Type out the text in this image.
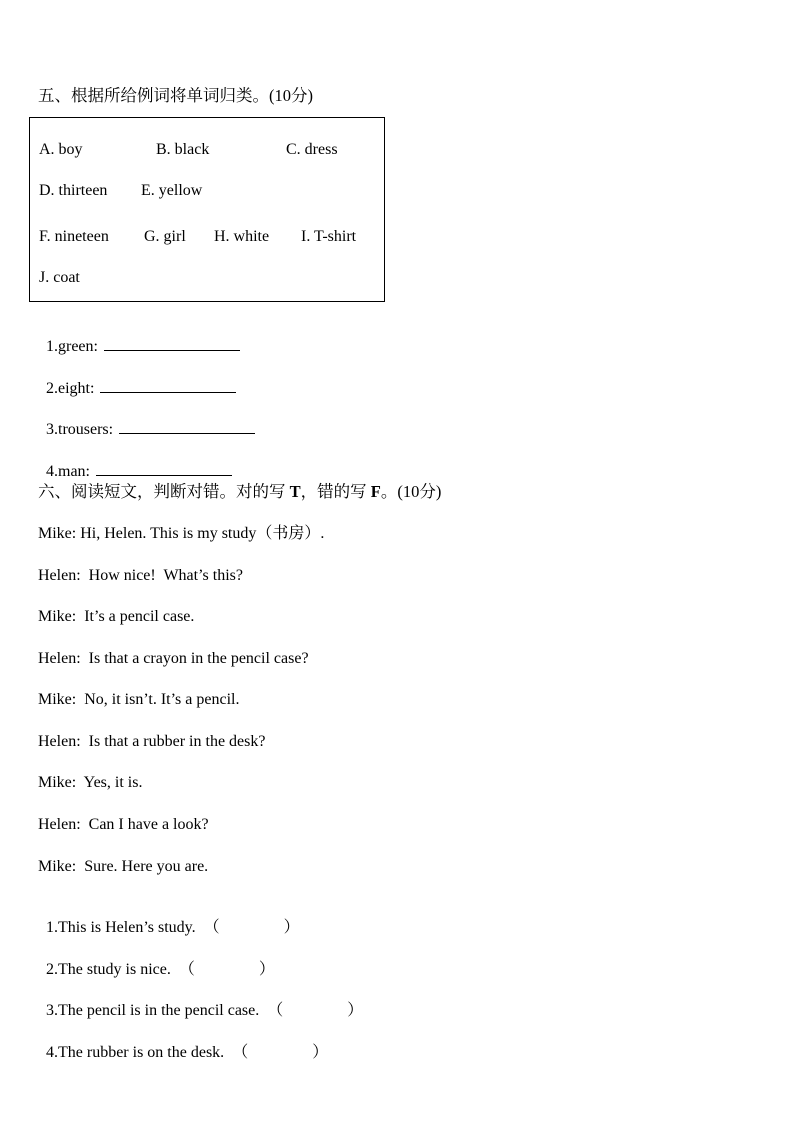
五、根据所给例词将单词归类。(10分)
A. boy	B. black	C. dress
D. thirteen E. yellow
F. nineteen G. girl H. white I. T-shirt
J. coat

1.green:

2.eight:

3.trousers:

4.man:

六、阅读短文，判断对错。对的写 T，错的写 F。(10分)
Mike: Hi, Helen. This is my study（书房）.
Helen:  How nice!  What’s this?
Mike:  It’s a pencil case.
Helen:  Is that a crayon in the pencil case?
Mike:  No, it isn’t. It’s a pencil.
Helen:  Is that a rubber in the desk?
Mike:  Yes, it is.
Helen:  Can I have a look?
Mike:  Sure. Here you are.

1.This is Helen’s study. （	）

2.The study is nice. （	）

3.The pencil is in the pencil case. （	）

4.The rubber is on the desk. （	）
